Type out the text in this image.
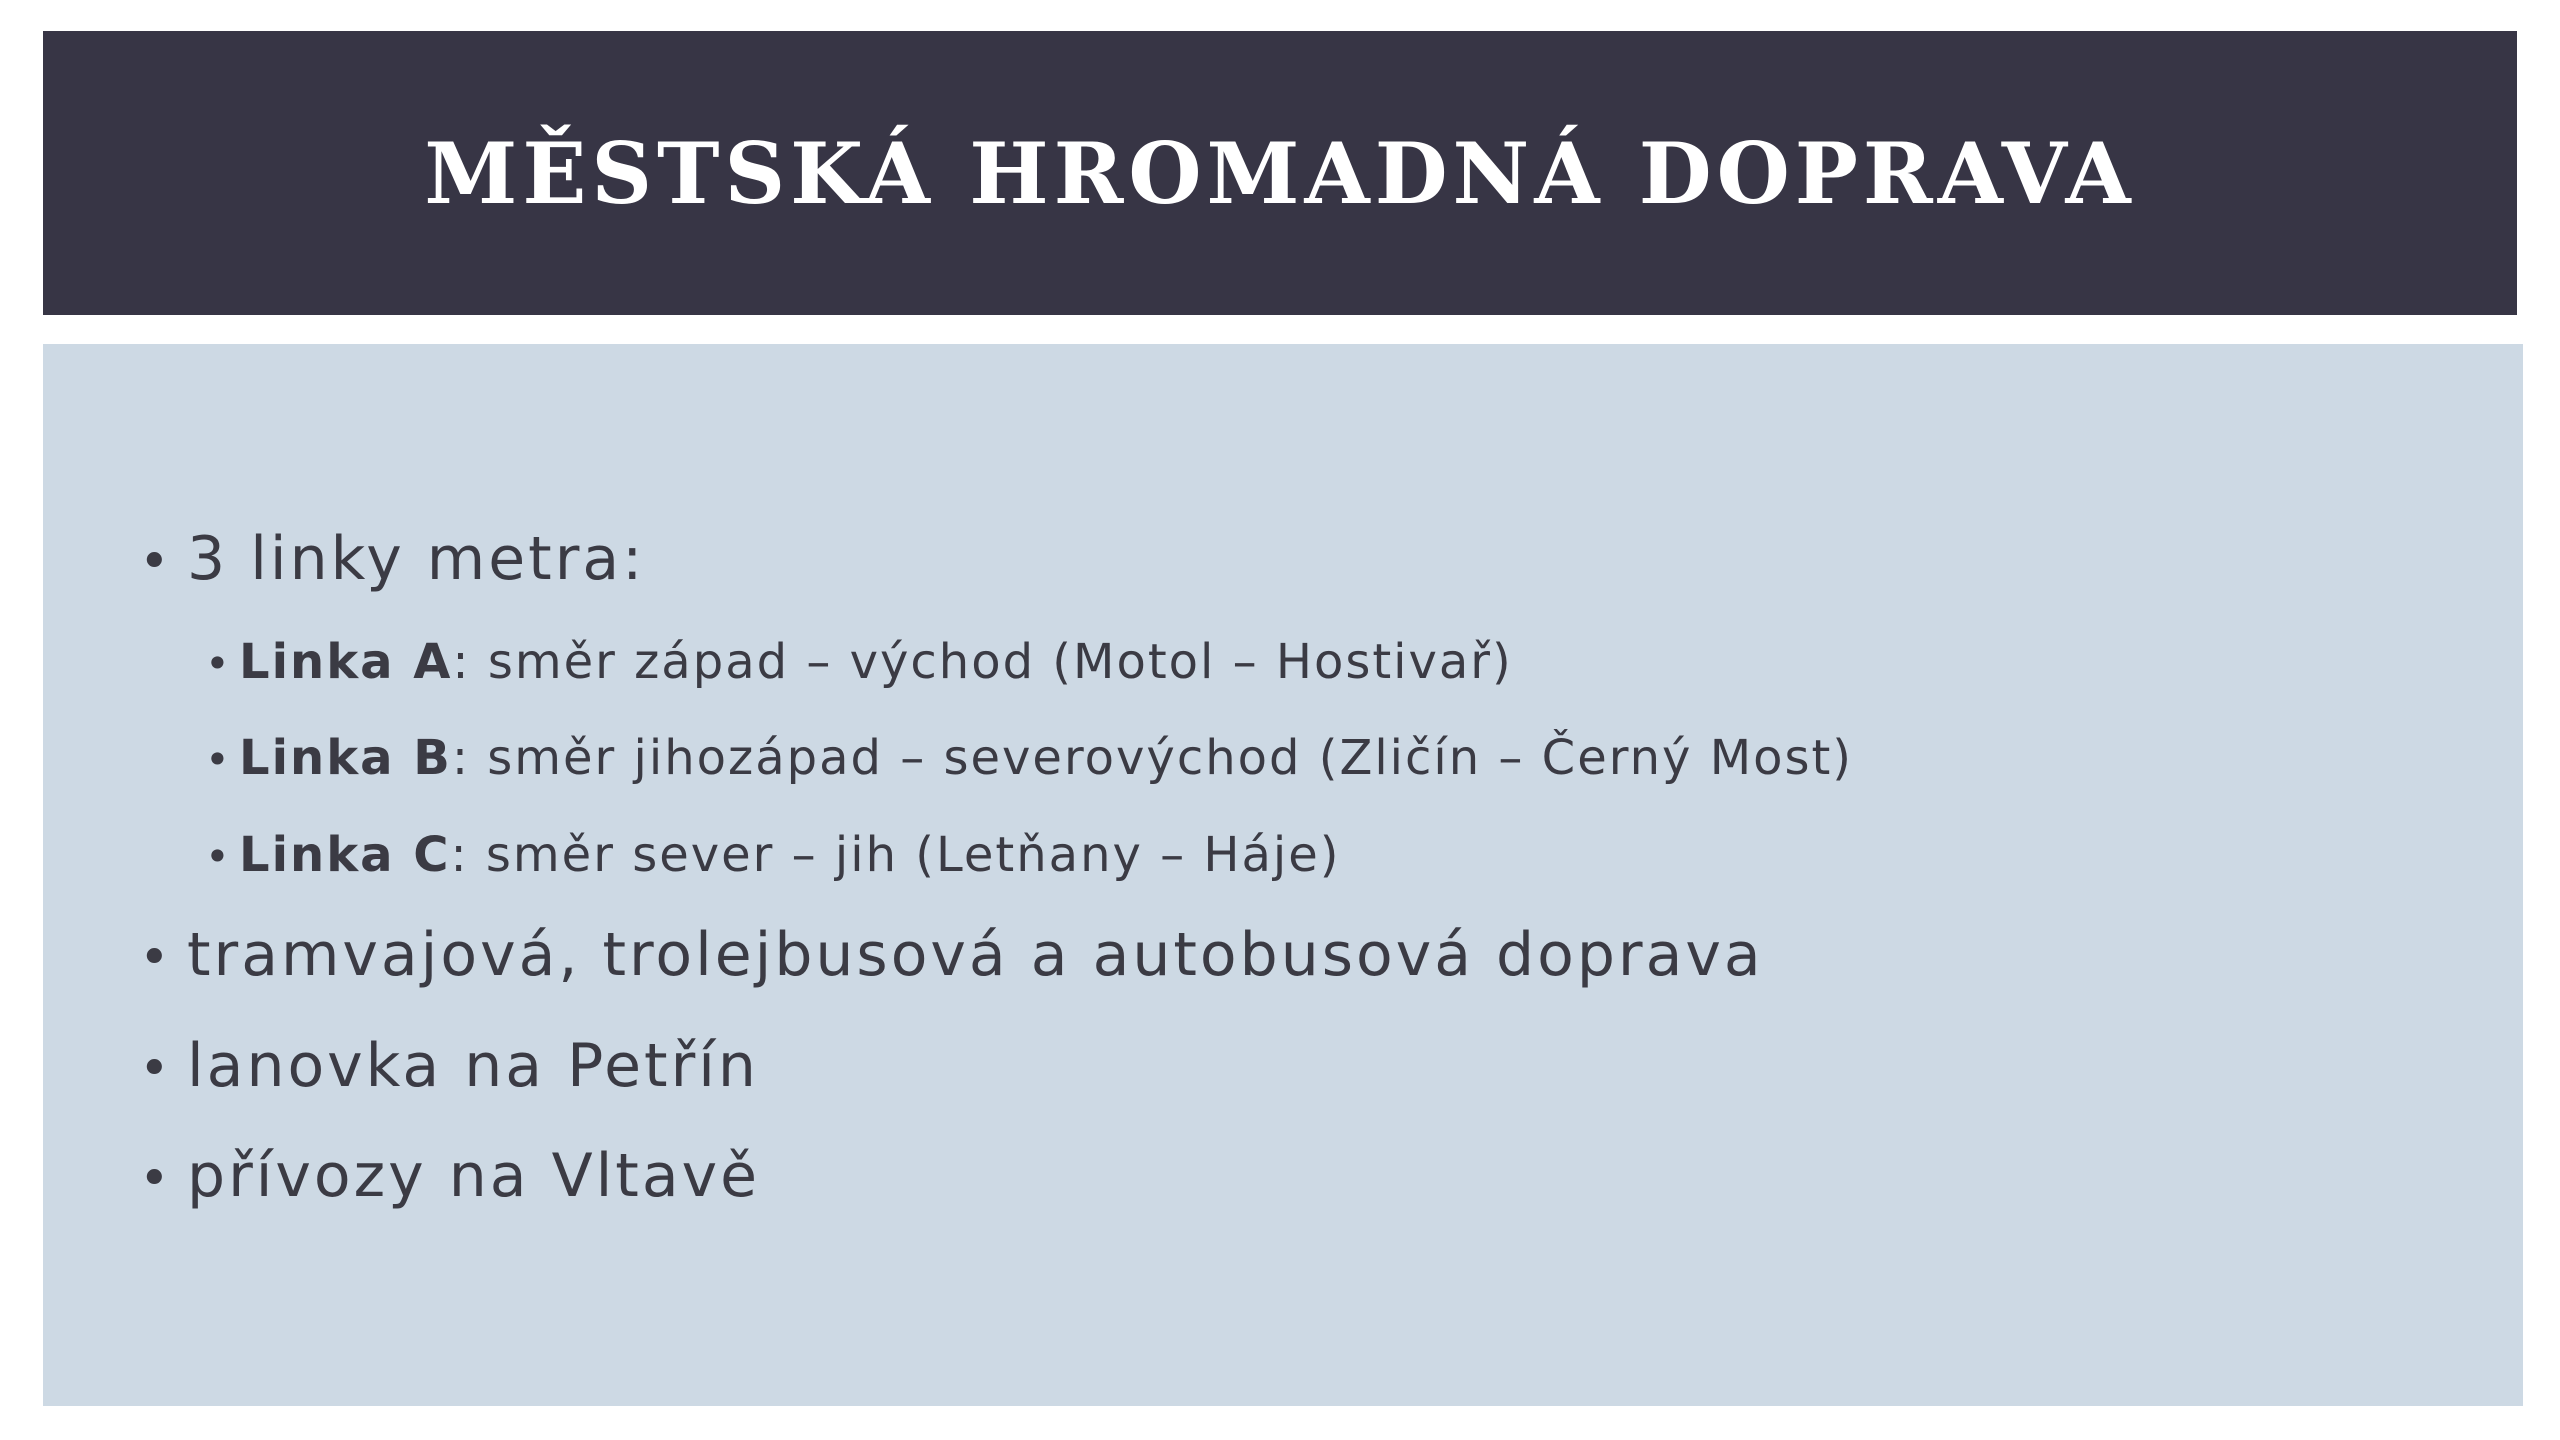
MĚSTSKÁ HROMADNÁ DOPRAVA
• 3 linky metra:
• Linka A : směr západ – východ (Motol – Hostivař)
• Linka B : směr jihozápad – severovýchod (Zličín – Černý Most)
• Linka C : směr sever – jih (Letňany – Háje)
• tramvajová, trolejbusová a autobusová doprava
• lanovka na Petřín
• přívozy na Vltavě
